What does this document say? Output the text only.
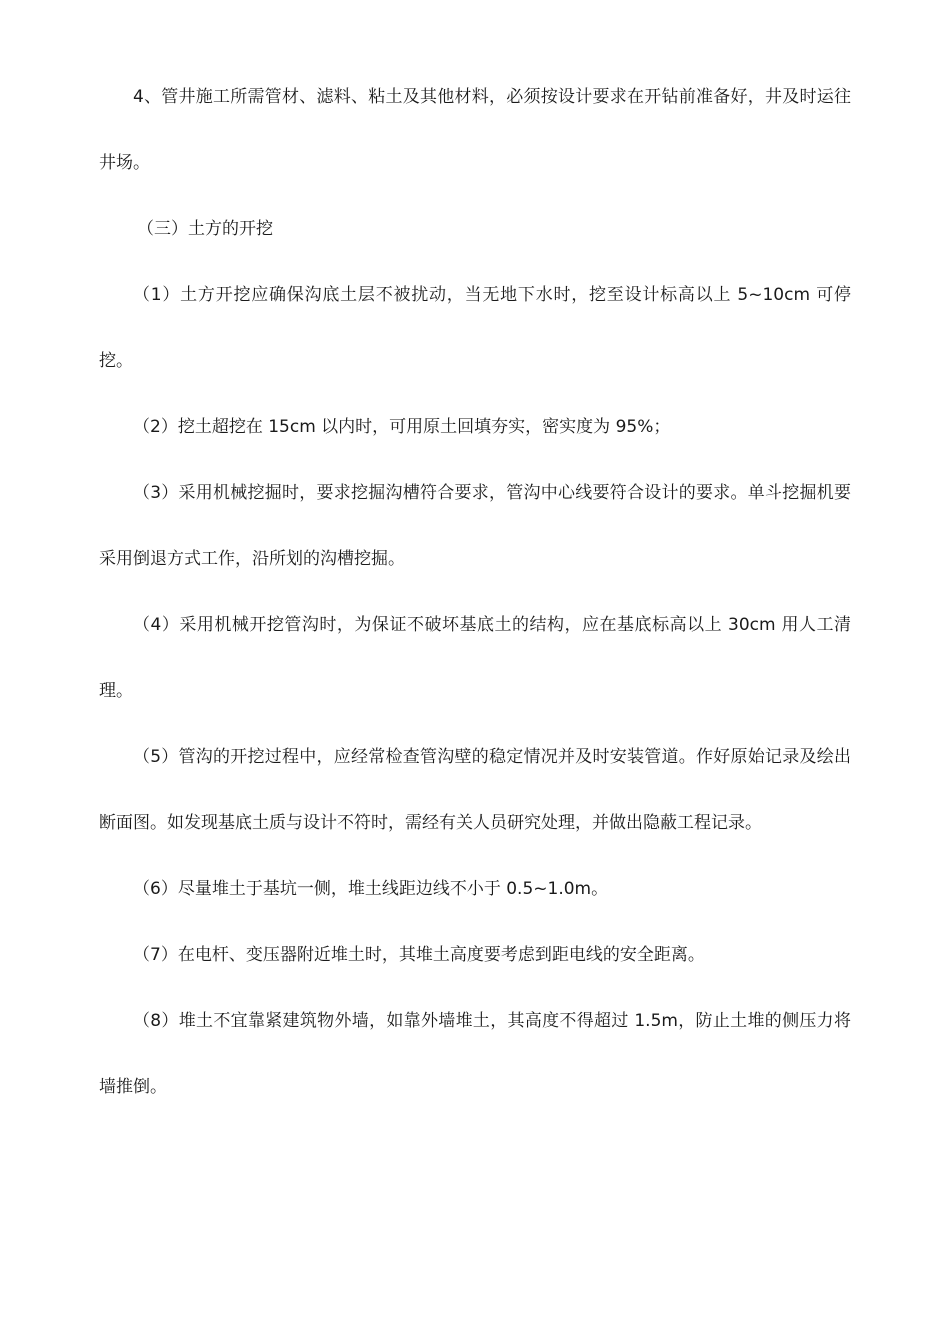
4、管井施工所需管材、滤料、粘土及其他材料，必须按设计要求在开钻前准备好，井及时运往井场。

（三）土方的开挖

（1）土方开挖应确保沟底土层不被扰动，当无地下水时，挖至设计标高以上 5~10cm 可停挖。

（2）挖土超挖在 15cm 以内时，可用原土回填夯实，密实度为 95%；

（3）采用机械挖掘时，要求挖掘沟槽符合要求，管沟中心线要符合设计的要求。单斗挖掘机要采用倒退方式工作，沿所划的沟槽挖掘。

（4）采用机械开挖管沟时，为保证不破坏基底土的结构，应在基底标高以上 30cm 用人工清理。

（5）管沟的开挖过程中，应经常检查管沟壁的稳定情况并及时安装管道。作好原始记录及绘出断面图。如发现基底土质与设计不符时，需经有关人员研究处理，并做出隐蔽工程记录。

（6）尽量堆土于基坑一侧，堆土线距边线不小于 0.5~1.0m。

（7）在电杆、变压器附近堆土时，其堆土高度要考虑到距电线的安全距离。

（8）堆土不宜靠紧建筑物外墙，如靠外墙堆土，其高度不得超过 1.5m，防止土堆的侧压力将墙推倒。
